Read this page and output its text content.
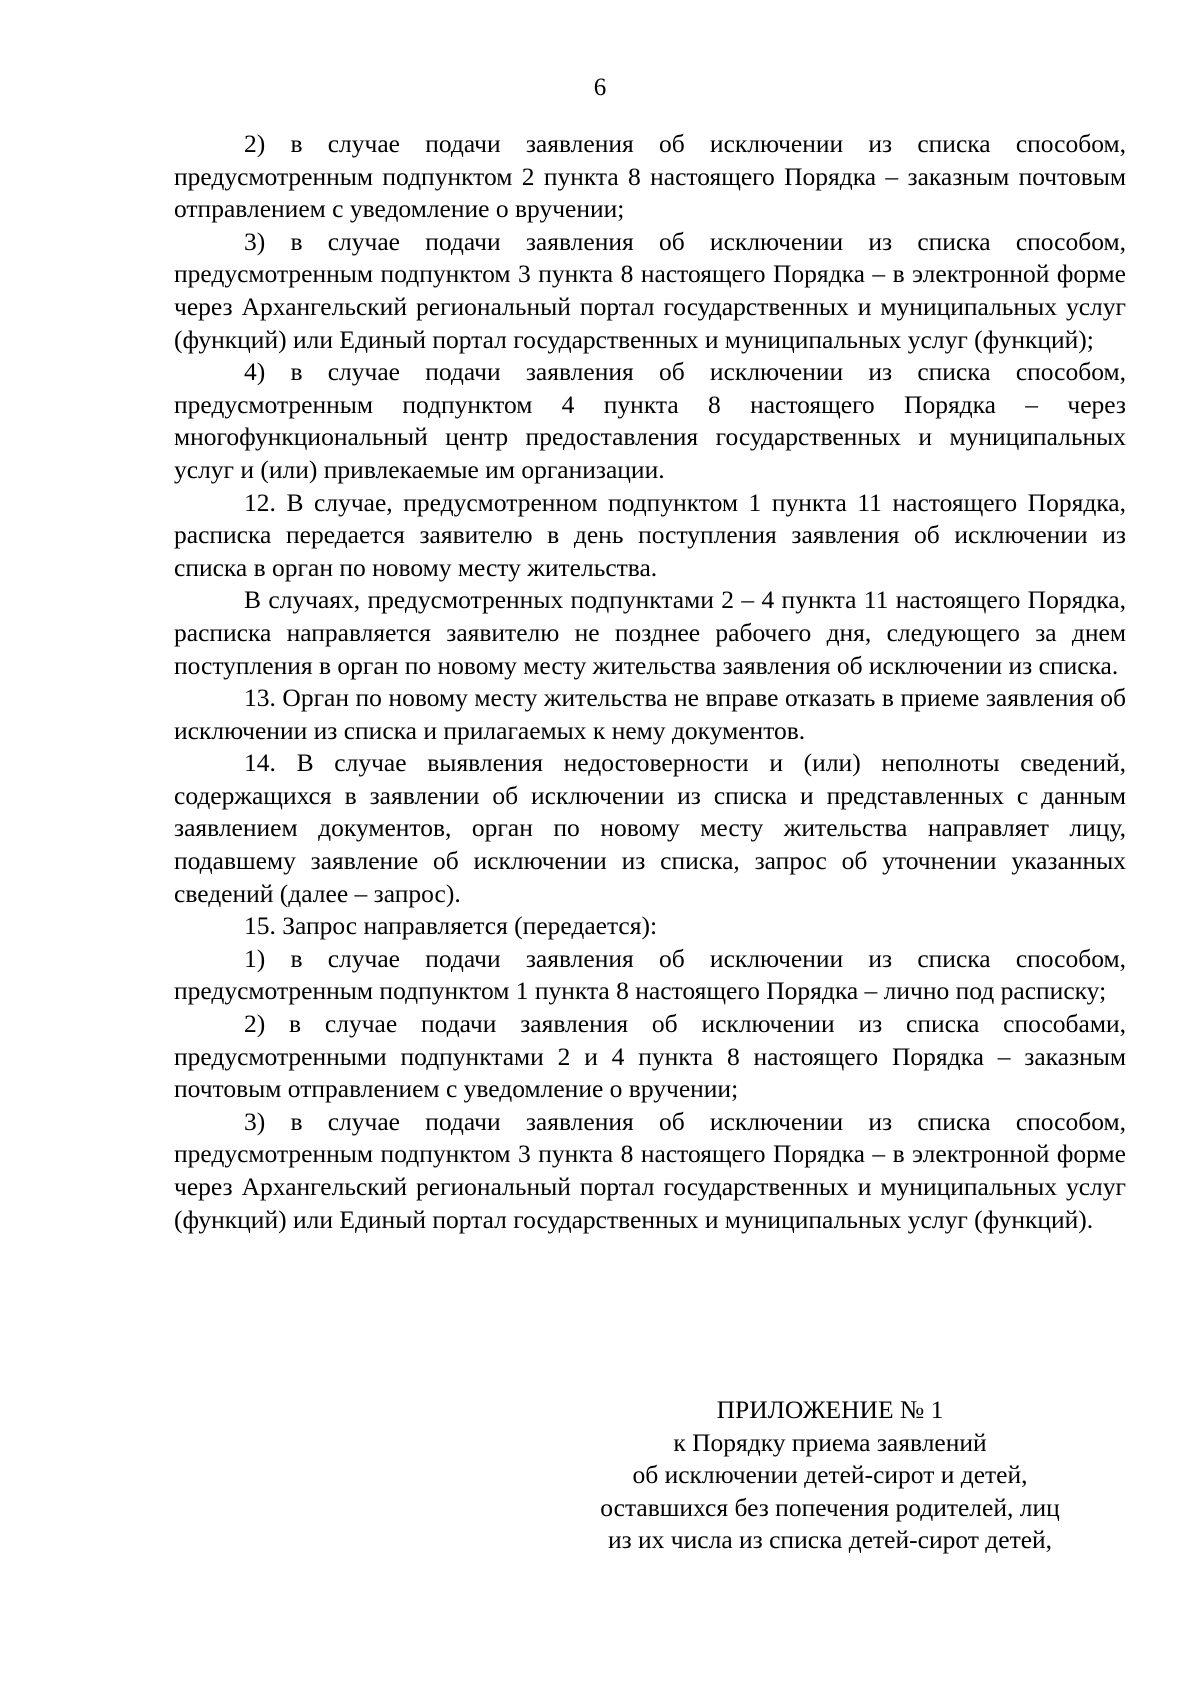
6

2) в случае подачи заявления об исключении из списка способом, предусмотренным подпунктом 2 пункта 8 настоящего Порядка – заказным почтовым отправлением с уведомление о вручении;

3) в случае подачи заявления об исключении из списка способом, предусмотренным подпунктом 3 пункта 8 настоящего Порядка – в электронной форме через Архангельский региональный портал государственных и муниципальных услуг (функций) или Единый портал государственных и муниципальных услуг (функций);

4) в случае подачи заявления об исключении из списка способом, предусмотренным подпунктом 4 пункта 8 настоящего Порядка – через многофункциональный центр предоставления государственных и муниципальных услуг и (или) привлекаемые им организации.

12. В случае, предусмотренном подпунктом 1 пункта 11 настоящего Порядка, расписка передается заявителю в день поступления заявления об исключении из списка в орган по новому месту жительства.

В случаях, предусмотренных подпунктами 2 – 4 пункта 11 настоящего Порядка, расписка направляется заявителю не позднее рабочего дня, следующего за днем поступления в орган по новому месту жительства заявления об исключении из списка.

13. Орган по новому месту жительства не вправе отказать в приеме заявления об исключении из списка и прилагаемых к нему документов.

14. В случае выявления недостоверности и (или) неполноты сведений, содержащихся в заявлении об исключении из списка и представленных с данным заявлением документов, орган по новому месту жительства направляет лицу, подавшему заявление об исключении из списка, запрос об уточнении указанных сведений (далее – запрос).

15. Запрос направляется (передается):

1) в случае подачи заявления об исключении из списка способом, предусмотренным подпунктом 1 пункта 8 настоящего Порядка – лично под расписку;

2) в случае подачи заявления об исключении из списка способами, предусмотренными подпунктами 2 и 4 пункта 8 настоящего Порядка – заказным почтовым отправлением с уведомление о вручении;

3) в случае подачи заявления об исключении из списка способом, предусмотренным подпунктом 3 пункта 8 настоящего Порядка – в электронной форме через Архангельский региональный портал государственных и муниципальных услуг (функций) или Единый портал государственных и муниципальных услуг (функций).

ПРИЛОЖЕНИЕ № 1
к Порядку приема заявлений
об исключении детей-сирот и детей,
оставшихся без попечения родителей, лиц
из их числа из списка детей-сирот детей,
